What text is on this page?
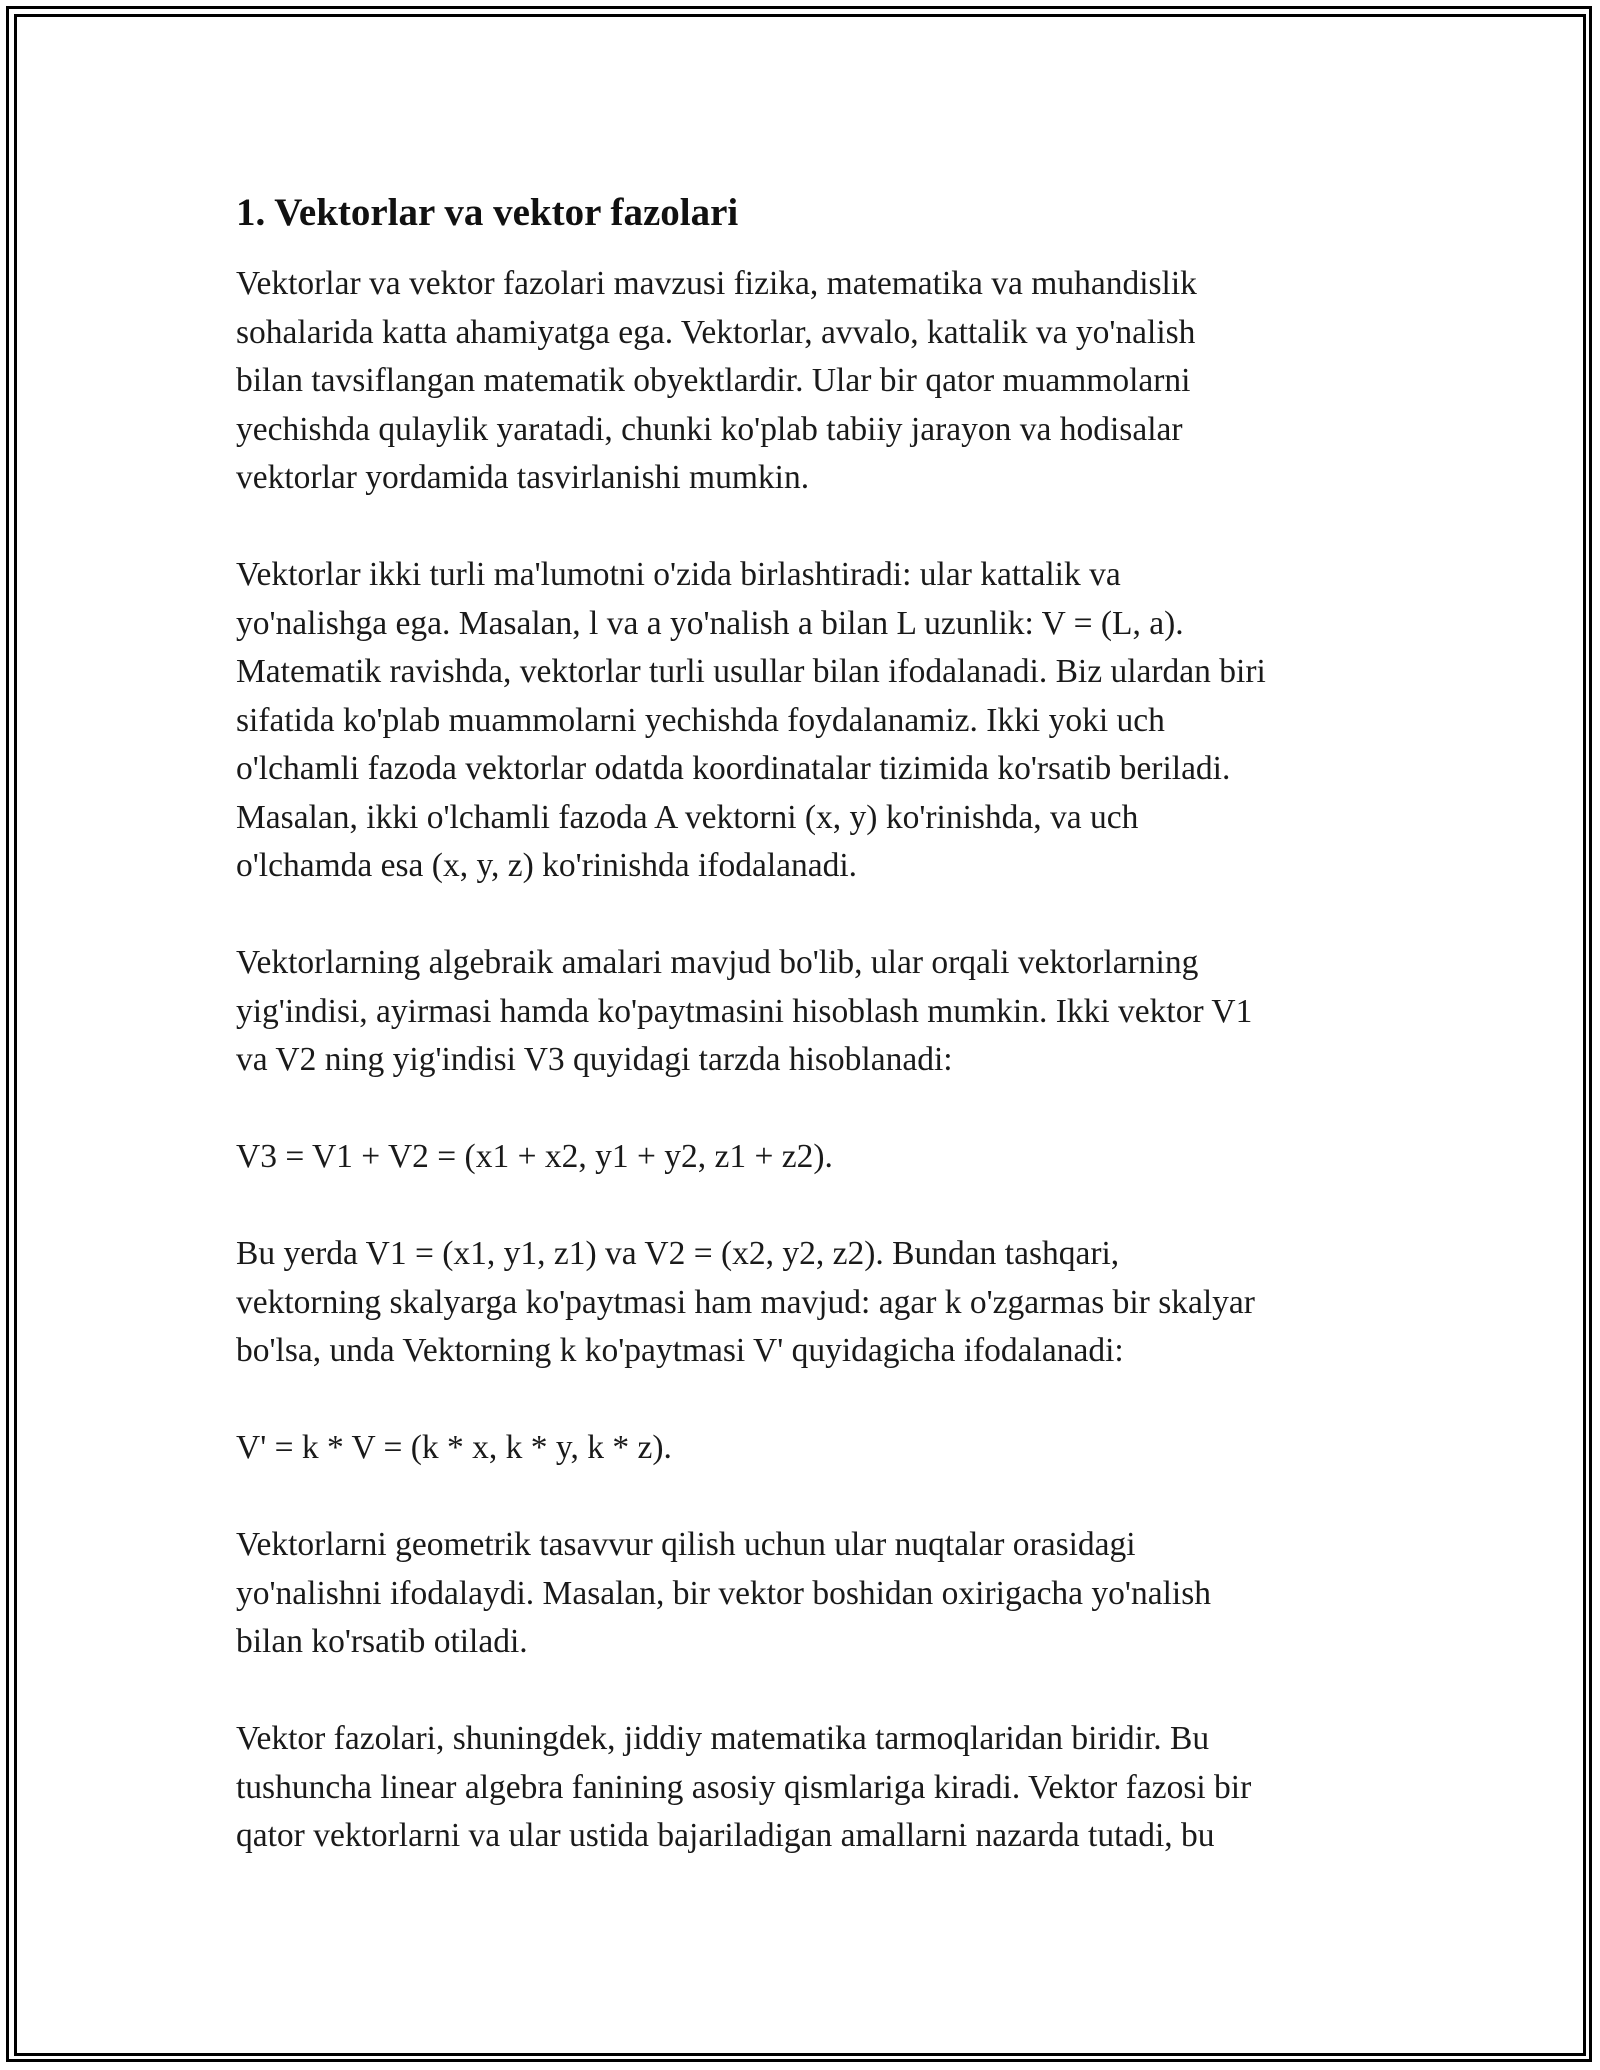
1. Vektorlar va vektor fazolari

Vektorlar va vektor fazolari mavzusi fizika, matematika va muhandislik
sohalarida katta ahamiyatga ega. Vektorlar, avvalo, kattalik va yo'nalish
bilan tavsiflangan matematik obyektlardir. Ular bir qator muammolarni
yechishda qulaylik yaratadi, chunki ko'plab tabiiy jarayon va hodisalar
vektorlar yordamida tasvirlanishi mumkin.

Vektorlar ikki turli ma'lumotni o'zida birlashtiradi: ular kattalik va
yo'nalishga ega. Masalan, l va a yo'nalish a bilan L uzunlik: V = (L, a).
Matematik ravishda, vektorlar turli usullar bilan ifodalanadi. Biz ulardan biri
sifatida ko'plab muammolarni yechishda foydalanamiz. Ikki yoki uch
o'lchamli fazoda vektorlar odatda koordinatalar tizimida ko'rsatib beriladi.
Masalan, ikki o'lchamli fazoda A vektorni (x, y) ko'rinishda, va uch
o'lchamda esa (x, y, z) ko'rinishda ifodalanadi.

Vektorlarning algebraik amalari mavjud bo'lib, ular orqali vektorlarning
yig'indisi, ayirmasi hamda ko'paytmasini hisoblash mumkin. Ikki vektor V1
va V2 ning yig'indisi V3 quyidagi tarzda hisoblanadi:

V3 = V1 + V2 = (x1 + x2, y1 + y2, z1 + z2).

Bu yerda V1 = (x1, y1, z1) va V2 = (x2, y2, z2). Bundan tashqari,
vektorning skalyarga ko'paytmasi ham mavjud: agar k o'zgarmas bir skalyar
bo'lsa, unda Vektorning k ko'paytmasi V' quyidagicha ifodalanadi:

V' = k * V = (k * x, k * y, k * z).

Vektorlarni geometrik tasavvur qilish uchun ular nuqtalar orasidagi
yo'nalishni ifodalaydi. Masalan, bir vektor boshidan oxirigacha yo'nalish
bilan ko'rsatib otiladi.

Vektor fazolari, shuningdek, jiddiy matematika tarmoqlaridan biridir. Bu
tushuncha linear algebra fanining asosiy qismlariga kiradi. Vektor fazosi bir
qator vektorlarni va ular ustida bajariladigan amallarni nazarda tutadi, bu
